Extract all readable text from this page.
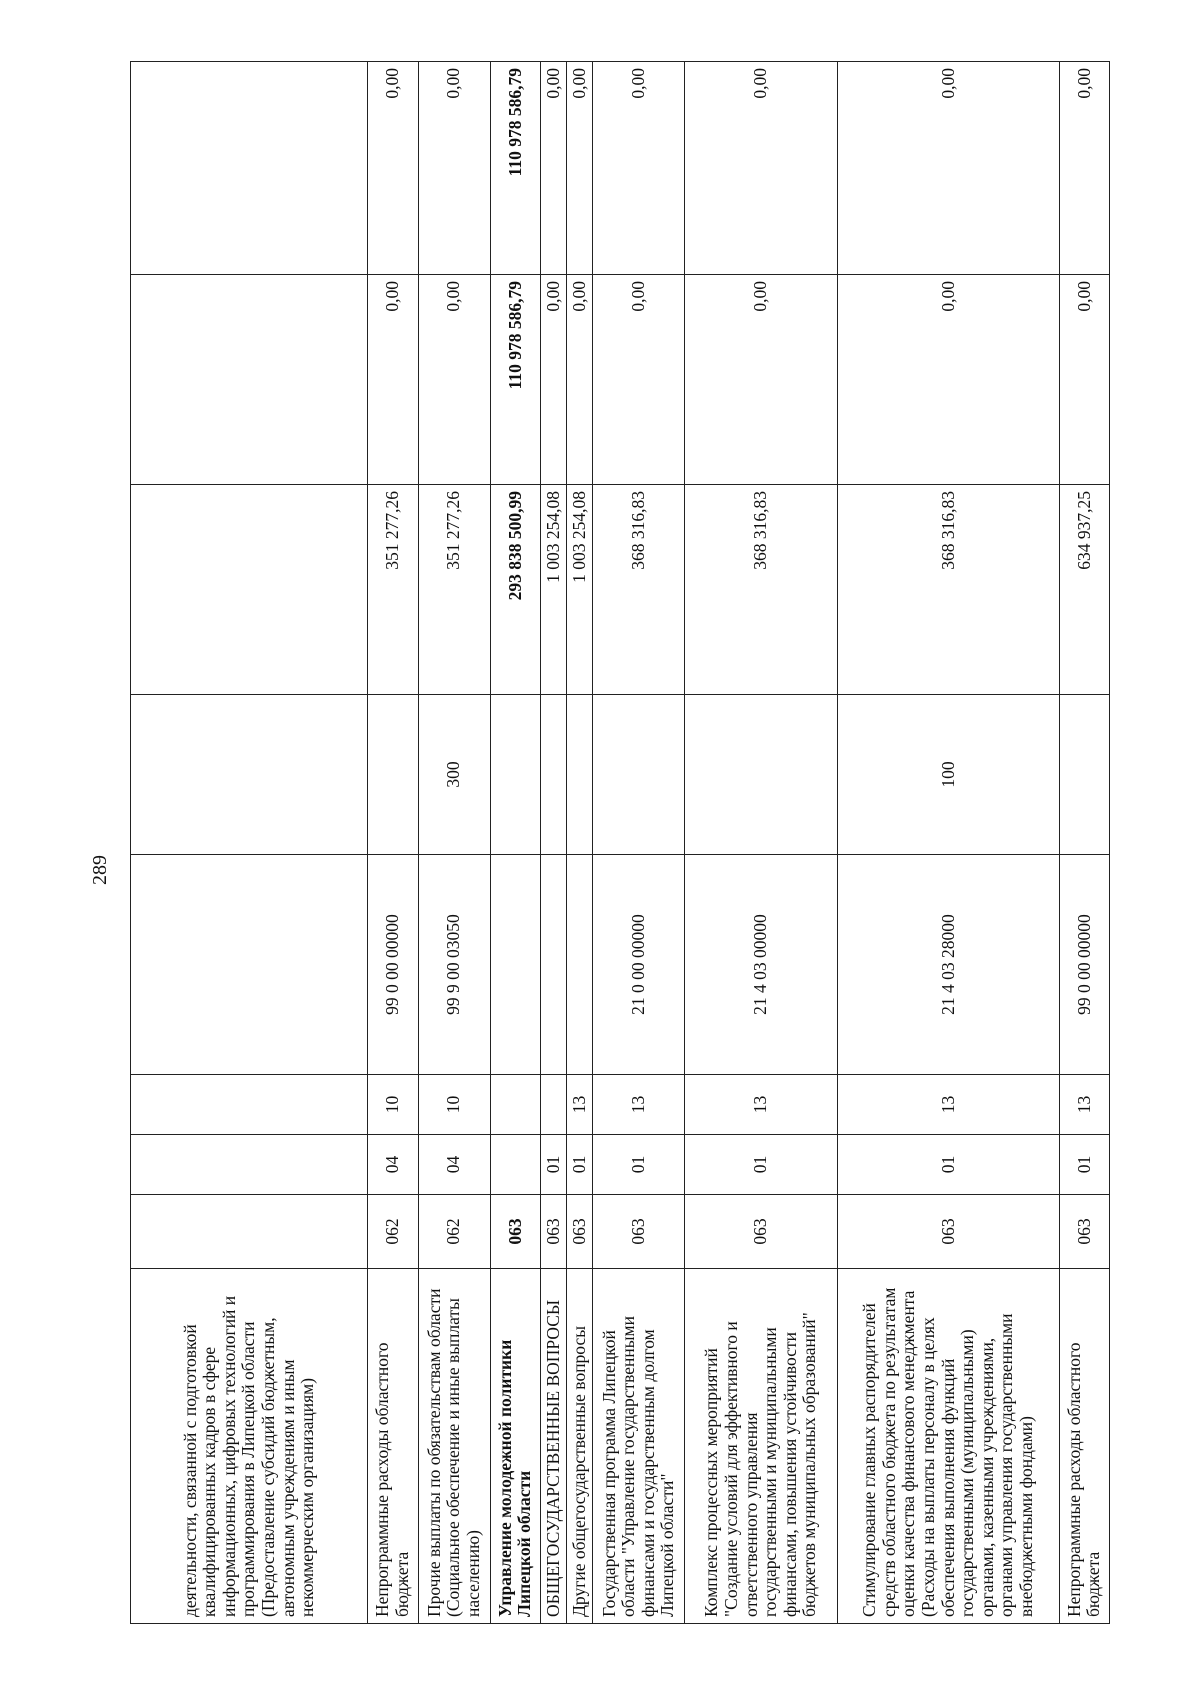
289
деятельности, связанной с подготовкой квалифицированных кадров в сфере информационных, цифровых технологий и программирования в Липецкой области (Предоставление субсидий бюджетным, автономным учреждениям и иным некоммерческим организациям)								
Непрограммные расходы областного бюджета	062	04	10	99 0 00 00000		351 277,26	0,00	0,00
Прочие выплаты по обязательствам области (Социальное обеспечение и иные выплаты населению)	062	04	10	99 9 00 03050	300	351 277,26	0,00	0,00
Управление молодежной политики Липецкой области	063					293 838 500,99	110 978 586,79	110 978 586,79
ОБЩЕГОСУДАРСТВЕННЫЕ ВОПРОСЫ	063	01				1 003 254,08	0,00	0,00
Другие общегосударственные вопросы	063	01	13			1 003 254,08	0,00	0,00
Государственная программа Липецкой области "Управление государственными финансами и государственным долгом Липецкой области"	063	01	13	21 0 00 00000		368 316,83	0,00	0,00
Комплекс процессных мероприятий "Создание условий для эффективного и ответственного управления государственными и муниципальными финансами, повышения устойчивости бюджетов муниципальных образований"	063	01	13	21 4 03 00000		368 316,83	0,00	0,00
Стимулирование главных распорядителей средств областного бюджета по результатам оценки качества финансового менеджмента (Расходы на выплаты персоналу в целях обеспечения выполнения функций государственными (муниципальными) органами, казенными учреждениями, органами управления государственными внебюджетными фондами)	063	01	13	21 4 03 28000	100	368 316,83	0,00	0,00
Непрограммные расходы областного бюджета	063	01	13	99 0 00 00000		634 937,25	0,00	0,00
